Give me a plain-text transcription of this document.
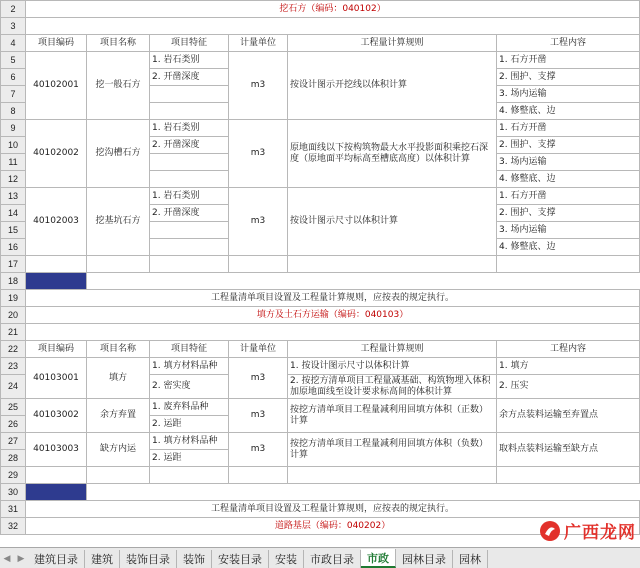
2	挖石方（编码：040102）					
3						
4	项目编码	项目名称	项目特征	计量单位	工程量计算规则	工程内容
5	40102001	挖一般石方	1. 岩石类别	m3	按设计图示开挖线以体积计算	1. 石方开凿
6			2. 开凿深度			2. 围护、支撑
7						3. 场内运输
8						4. 修整底、边
9	40102002	挖沟槽石方	1. 岩石类别	m3	原地面线以下按构筑物最大水平投影面积乘挖石深度（原地面平均标高至槽底高度）以体积计算	1. 石方开凿
10			2. 开凿深度			2. 围护、支撑
11						3. 场内运输
12						4. 修整底、边
13	40102003	挖基坑石方	1. 岩石类别	m3	按设计图示尺寸以体积计算	1. 石方开凿
14			2. 开凿深度			2. 围护、支撑
15						3. 场内运输
16						4. 修整底、边
17						
18						
19	工程量清单项目设置及工程量计算规则，应按表的规定执行。					
20	填方及土石方运输（编码：040103）					
21						
22	项目编码	项目名称	项目特征	计量单位	工程量计算规则	工程内容
23	40103001	填方	1. 填方材料品种	m3	1. 按设计图示尺寸以体积计算	1. 填方
24			2. 密实度		2. 按挖方清单项目工程量减基础、构筑物埋入体积加原地面线至设计要求标高间的体积计算	2. 压实
25	40103002	余方弃置	1. 废弃料品种	m3	按挖方清单项目工程量减利用回填方体积（正数）计算	余方点装料运输至弃置点
26			2. 运距			
27	40103003	缺方内运	1. 填方材料品种	m3	按挖方清单项目工程量减利用回填方体积（负数）计算	取料点装料运输至缺方点
28			2. 运距			
29						
30						
31	工程量清单项目设置及工程量计算规则，应按表的规定执行。					
32	道路基层（编码：040202）					
◀ ▶ 建筑目录	建筑	装饰目录	装饰	安装目录	安装	市政目录	市政	园林目录	园林
广西龙网
